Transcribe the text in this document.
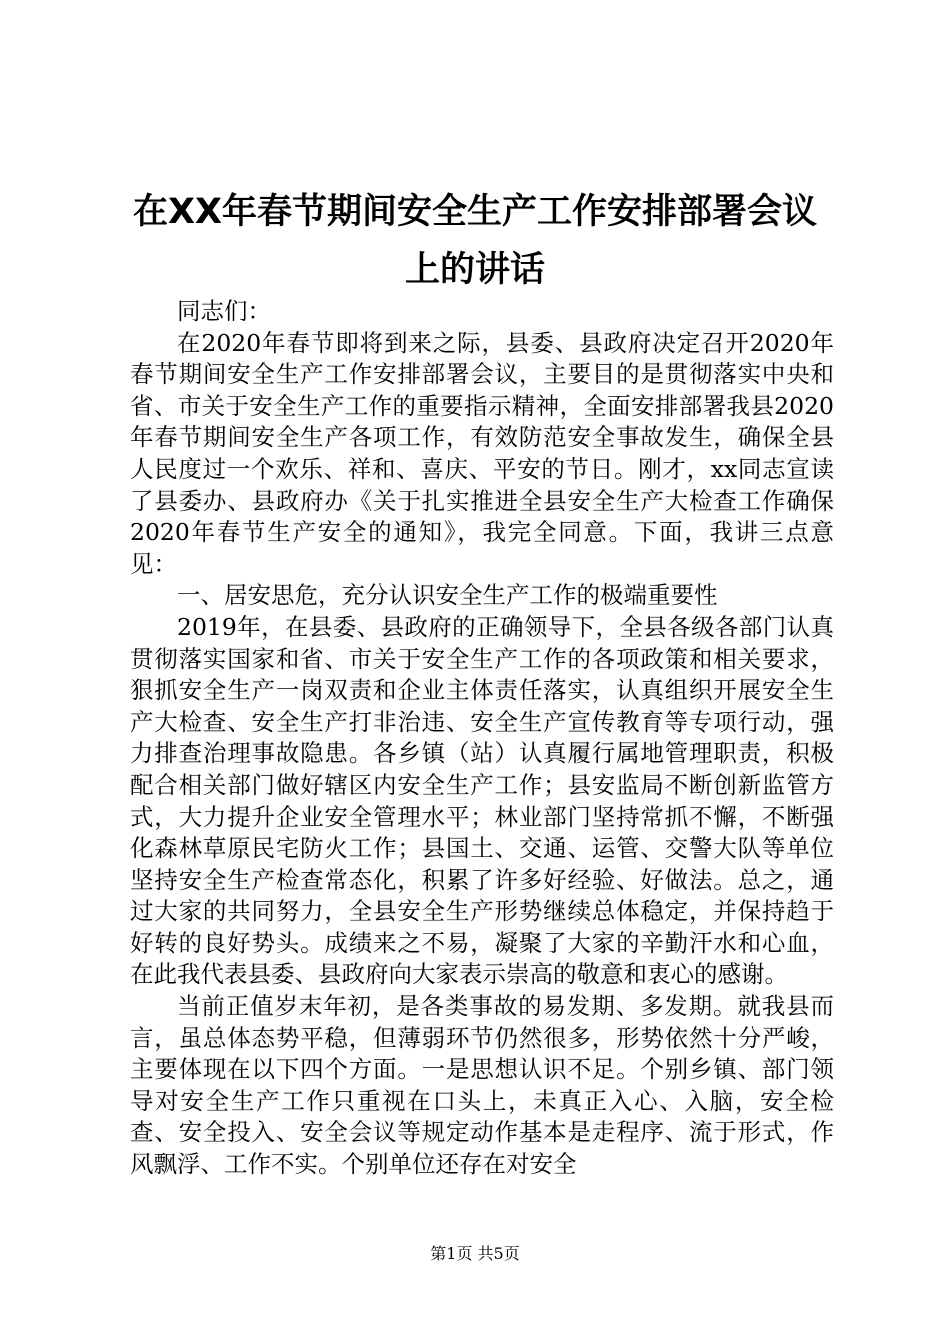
在XX年春节期间安全生产工作安排部署会议
上的讲话

同志们：

在2020年春节即将到来之际，县委、县政府决定召开2020年春节期间安全生产工作安排部署会议，主要目的是贯彻落实中央和省、市关于安全生产工作的重要指示精神，全面安排部署我县2020年春节期间安全生产各项工作，有效防范安全事故发生，确保全县人民度过一个欢乐、祥和、喜庆、平安的节日。刚才，xx同志宣读了县委办、县政府办《关于扎实推进全县安全生产大检查工作确保2020年春节生产安全的通知》，我完全同意。下面，我讲三点意见：

一、居安思危，充分认识安全生产工作的极端重要性

2019年，在县委、县政府的正确领导下，全县各级各部门认真贯彻落实国家和省、市关于安全生产工作的各项政策和相关要求，狠抓安全生产一岗双责和企业主体责任落实，认真组织开展安全生产大检查、安全生产打非治违、安全生产宣传教育等专项行动，强力排查治理事故隐患。各乡镇（站）认真履行属地管理职责，积极配合相关部门做好辖区内安全生产工作；县安监局不断创新监管方式，大力提升企业安全管理水平；林业部门坚持常抓不懈，不断强化森林草原民宅防火工作；县国土、交通、运管、交警大队等单位坚持安全生产检查常态化，积累了许多好经验、好做法。总之，通过大家的共同努力，全县安全生产形势继续总体稳定，并保持趋于好转的良好势头。成绩来之不易，凝聚了大家的辛勤汗水和心血，在此我代表县委、县政府向大家表示崇高的敬意和衷心的感谢。

当前正值岁末年初，是各类事故的易发期、多发期。就我县而言，虽总体态势平稳，但薄弱环节仍然很多，形势依然十分严峻，主要体现在以下四个方面。一是思想认识不足。个别乡镇、部门领导对安全生产工作只重视在口头上，未真正入心、入脑，安全检查、安全投入、安全会议等规定动作基本是走程序、流于形式，作风飘浮、工作不实。个别单位还存在对安全

第1页 共5页
